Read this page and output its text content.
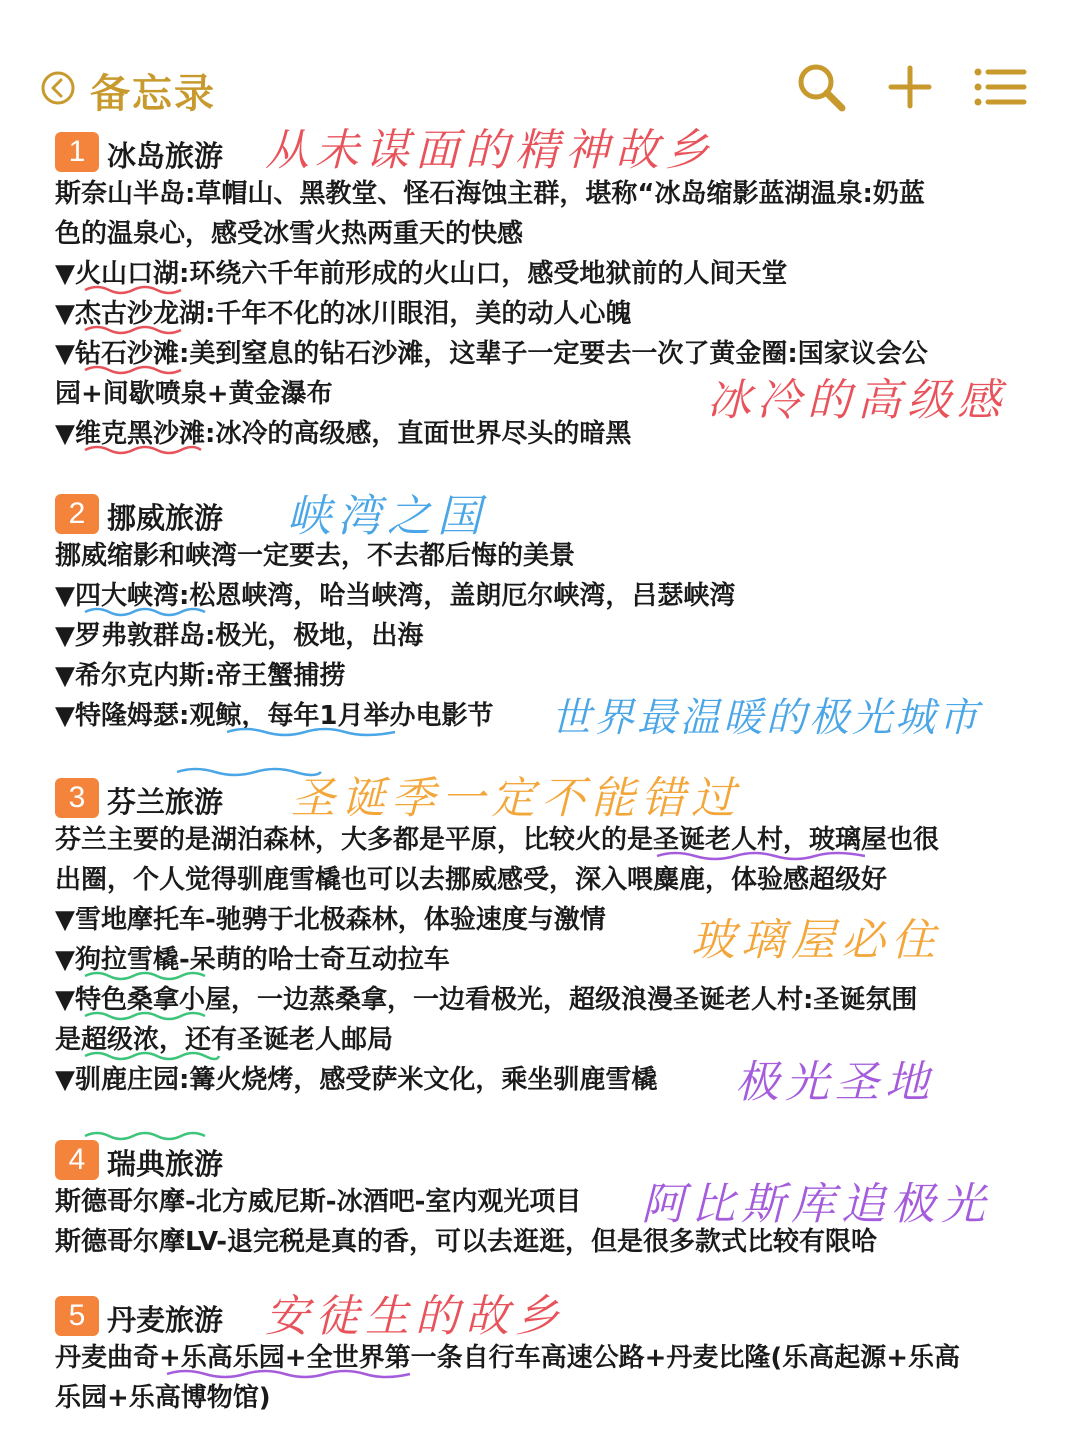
备忘录
1 冰岛旅游 从未谋面的精神故乡
斯奈山半岛:草帽山、黑教堂、怪石海蚀主群，堪称“冰岛缩影蓝湖温泉:奶蓝
色的温泉心，感受冰雪火热两重天的快感
▼火山口湖:环绕六千年前形成的火山口，感受地狱前的人间天堂
▼杰古沙龙湖:千年不化的冰川眼泪，美的动人心魄
▼钻石沙滩:美到窒息的钻石沙滩，这辈子一定要去一次了黄金圈:国家议会公
园+间歇喷泉+黄金瀑布
▼维克黑沙滩:冰冷的高级感，直面世界尽头的暗黑
冰冷的高级感
2 挪威旅游 峡湾之国
挪威缩影和峡湾一定要去，不去都后悔的美景
▼四大峡湾:松恩峡湾，哈当峡湾，盖朗厄尔峡湾，吕瑟峡湾
▼罗弗敦群岛:极光，极地，出海
▼希尔克内斯:帝王蟹捕捞
▼特隆姆瑟:观鲸，每年1月举办电影节	世界最温暖的极光城市
3 芬兰旅游 圣诞季一定不能错过
芬兰主要的是湖泊森林，大多都是平原，比较火的是圣诞老人村，玻璃屋也很
出圈，个人觉得驯鹿雪橇也可以去挪威感受，深入喂麋鹿，体验感超级好
▼雪地摩托车-驰骋于北极森林，体验速度与激情
▼狗拉雪橇-呆萌的哈士奇互动拉车
▼特色桑拿小屋，一边蒸桑拿，一边看极光，超级浪漫圣诞老人村:圣诞氛围
是超级浓，还有圣诞老人邮局
▼驯鹿庄园:篝火烧烤，感受萨米文化，乘坐驯鹿雪橇
玻璃屋必住
极光圣地
4 瑞典旅游
斯德哥尔摩-北方威尼斯-冰酒吧-室内观光项目
斯德哥尔摩LV-退完税是真的香，可以去逛逛，但是很多款式比较有限哈
阿比斯库追极光
5 丹麦旅游 安徒生的故乡
丹麦曲奇+乐高乐园+全世界第一条自行车高速公路+丹麦比隆(乐高起源+乐高
乐园+乐高博物馆)
